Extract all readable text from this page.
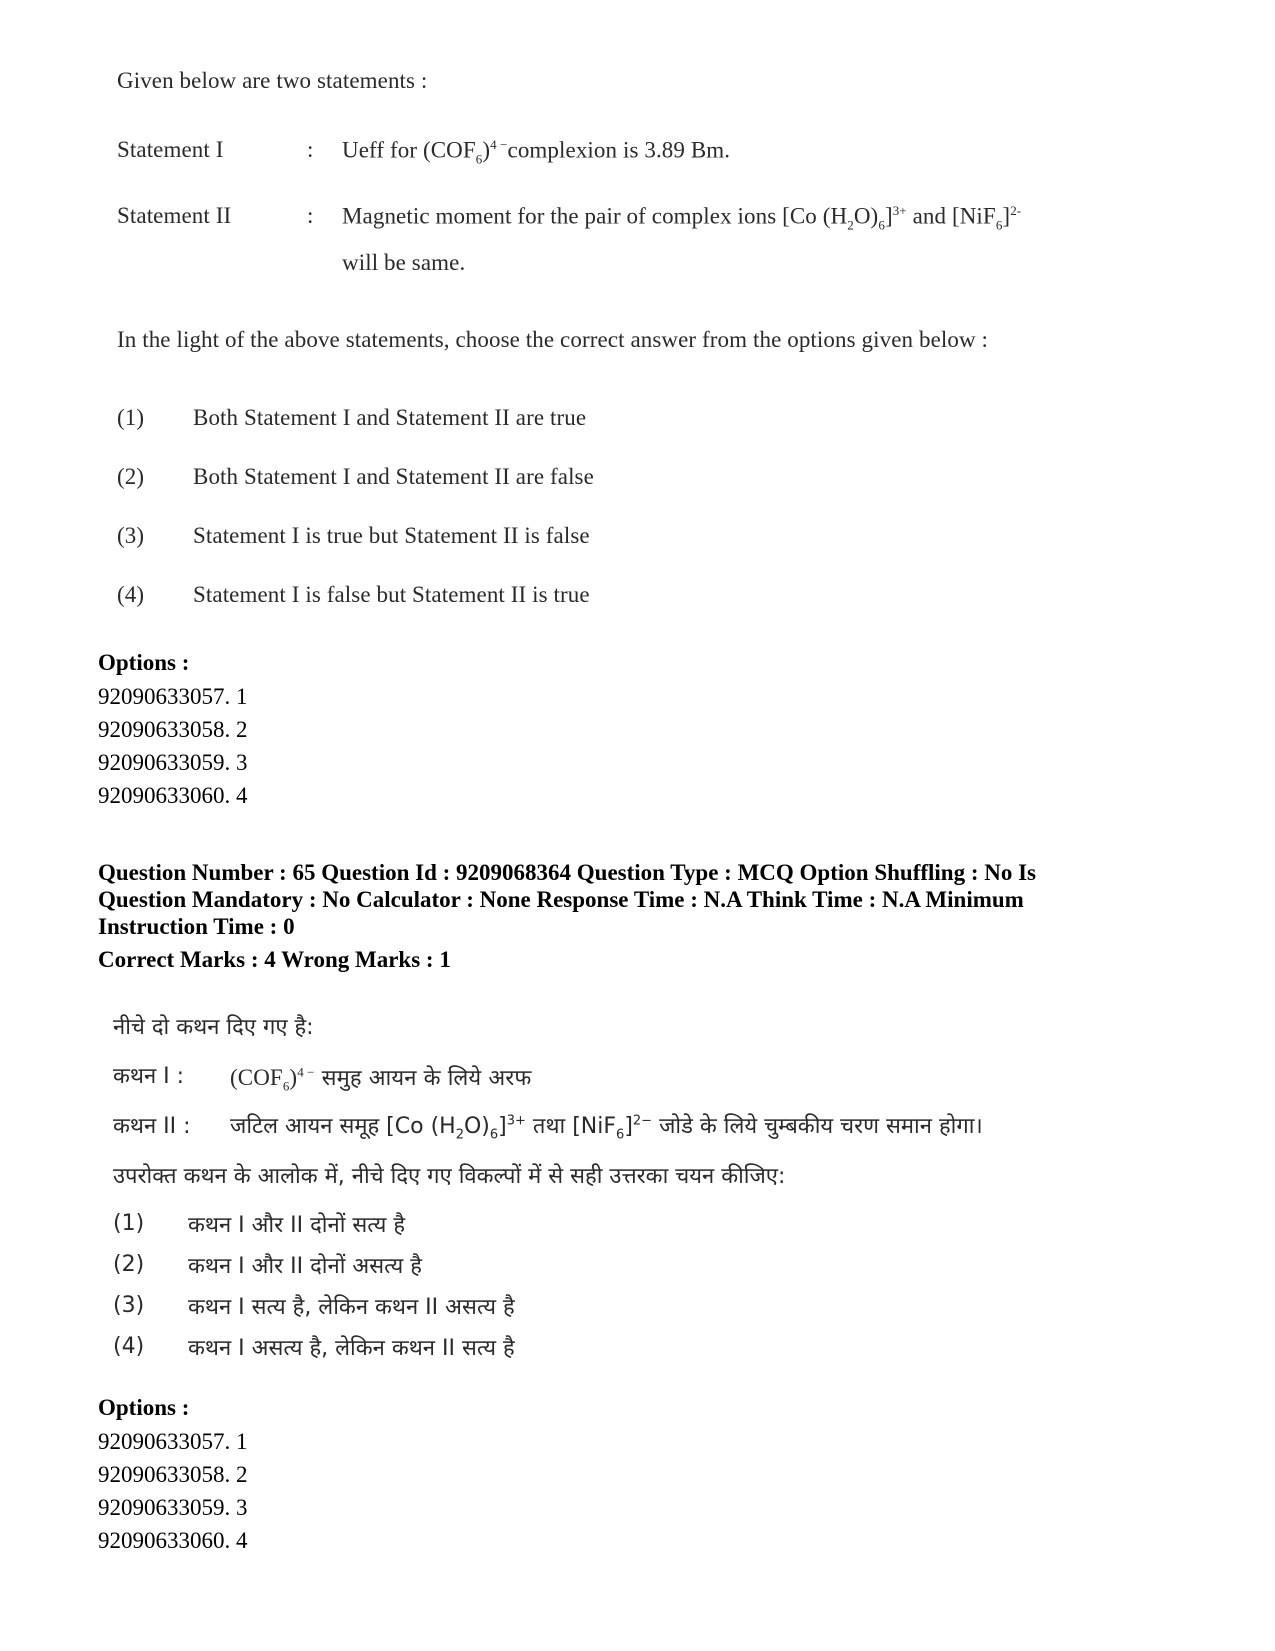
Given below are two statements :
Statement I	: Ueff for $(COF_6)^{4 -}complexion$ is 3.89 Bm.
Statement II	: Magnetic moment for the pair of complex ions [Co $(H_2O)_6]^{3+}$ and $[NiF_6]^{2-}$
will be same.
In the light of the above statements, choose the correct answer from the options given below :
(1) Both Statement I and Statement II are true
(2) Both Statement I and Statement II are false
(3) Statement I is true but Statement II is false
(4) Statement I is false but Statement II is true
Options :
92090633057. 1
92090633058. 2
92090633059. 3
92090633060. 4
Question Number : 65 Question Id : 9209068364 Question Type : MCQ Option Shuffling : No Is
Question Mandatory : No Calculator : None Response Time : N.A Think Time : N.A Minimum
Instruction Time : 0
Correct Marks : 4 Wrong Marks : 1
नीचे दो कथन दिए गए है:
कथन I : $(COF_6)^{4 -}$ समुह आयन के लिये अरफ
कथन II : जटिल आयन समूह [Co $(H_2O)_6]^{3+}$ तथा $[NiF_6]^{2-}$ जोडे के लिये चुम्बकीय चरण समान होगा।
उपरोक्त कथन के आलोक में, नीचे दिए गए विकल्पों में से सही उत्तरका चयन कीजिए:
(1) कथन I और II दोनों सत्य है
(2) कथन I और II दोनों असत्य है
(3) कथन I सत्य है, लेकिन कथन II असत्य है
(4) कथन I असत्य है, लेकिन कथन II सत्य है
Options :
92090633057. 1
92090633058. 2
92090633059. 3
92090633060. 4
